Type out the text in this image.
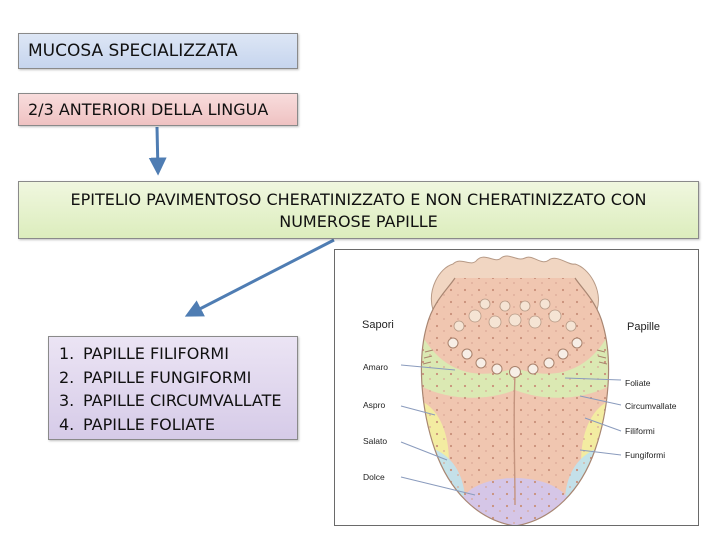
MUCOSA SPECIALIZZATA
2/3 ANTERIORI DELLA LINGUA
EPITELIO PAVIMENTOSO CHERATINIZZATO E NON CHERATINIZZATO CON NUMEROSE PAPILLE
1. PAPILLE FILIFORMI
2. PAPILLE FUNGIFORMI
3. PAPILLE CIRCUMVALLATE
4. PAPILLE FOLIATE
Sapori	Papille
Amaro
Aspro
Salato
Dolce
Foliate
Circumvallate
Filiformi
Fungiformi
